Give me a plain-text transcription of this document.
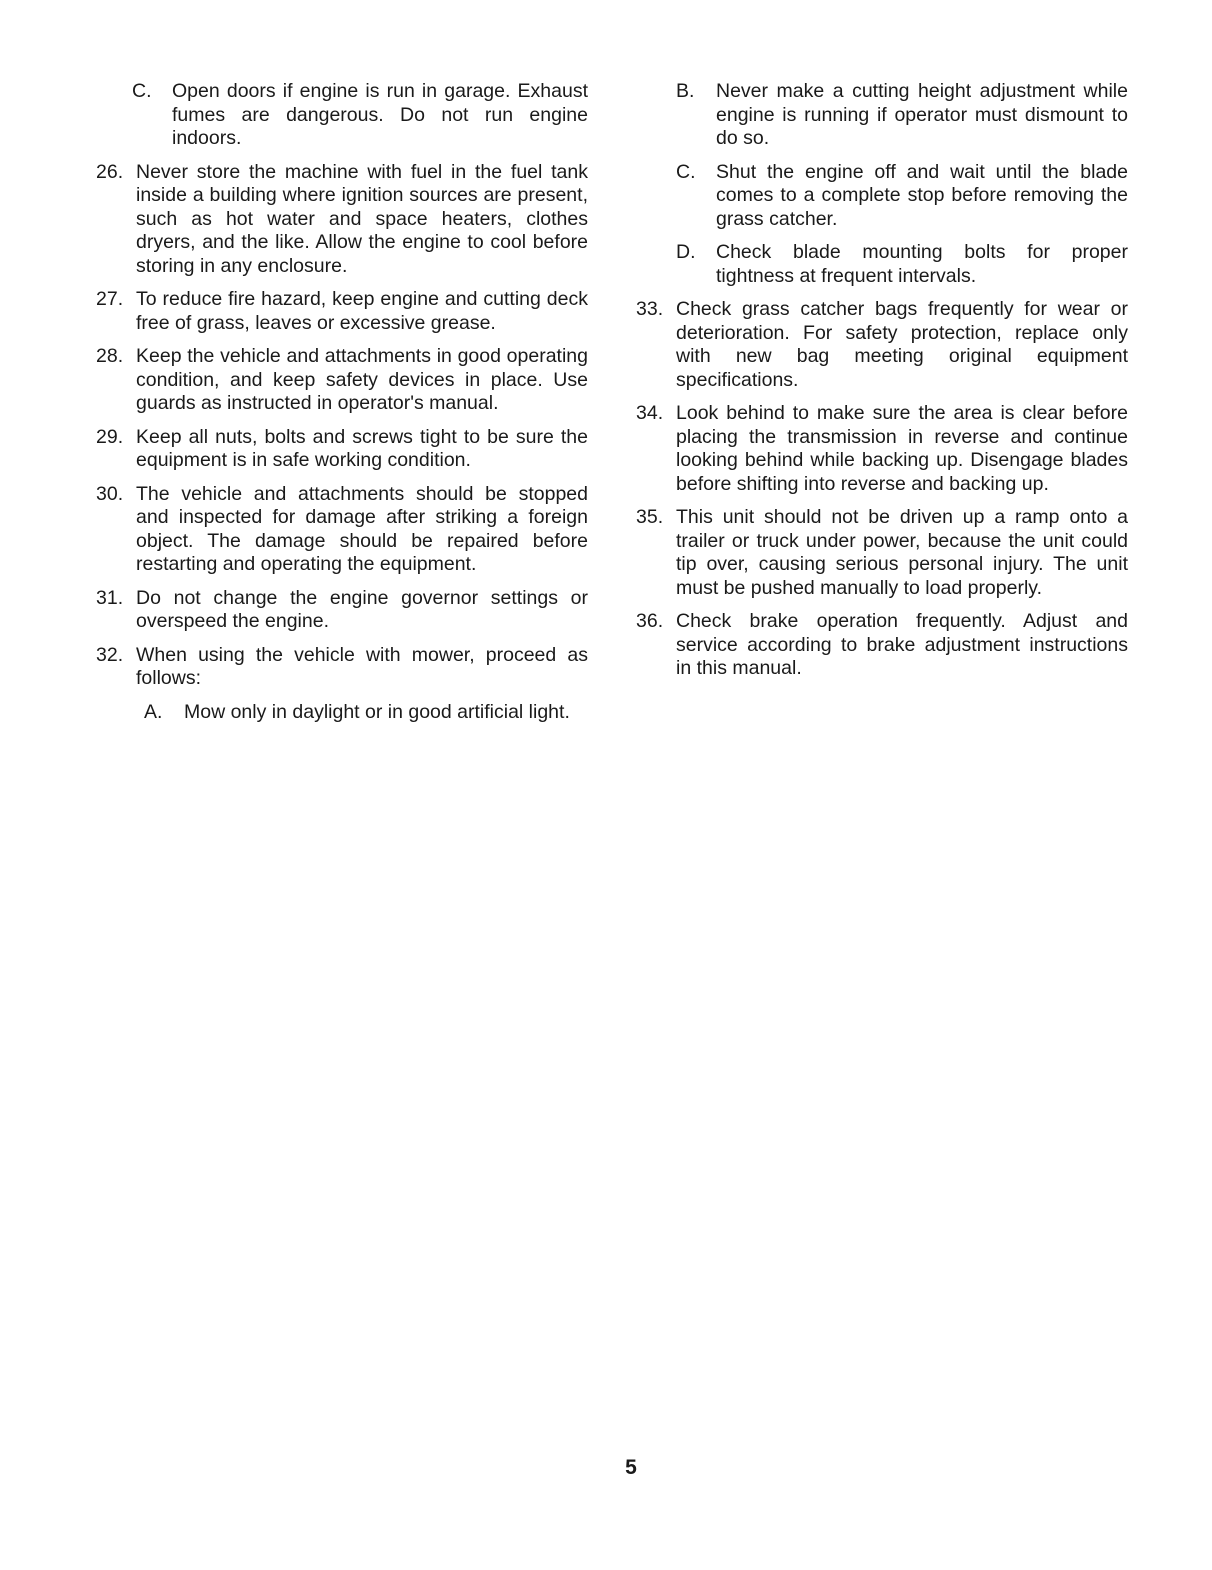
C.	Open doors if engine is run in garage. Exhaust fumes are dangerous. Do not run engine indoors.
26. Never store the machine with fuel in the fuel tank inside a building where ignition sources are present, such as hot water and space heaters, clothes dryers, and the like. Allow the engine to cool before storing in any enclosure.
27. To reduce fire hazard, keep engine and cutting deck free of grass, leaves or excessive grease.
28. Keep the vehicle and attachments in good operating condition, and keep safety devices in place. Use guards as instructed in operator's manual.
29. Keep all nuts, bolts and screws tight to be sure the equipment is in safe working condition.
30. The vehicle and attachments should be stopped and inspected for damage after striking a foreign object. The damage should be repaired before restarting and operating the equipment.
31. Do not change the engine governor settings or overspeed the engine.
32. When using the vehicle with mower, proceed as follows:
A.	Mow only in daylight or in good artificial light.
B.	Never make a cutting height adjustment while engine is running if operator must dismount to do so.
C.	Shut the engine off and wait until the blade comes to a complete stop before removing the grass catcher.
D.	Check blade mounting bolts for proper tightness at frequent intervals.
33. Check grass catcher bags frequently for wear or deterioration. For safety protection, replace only with new bag meeting original equipment specifications.
34. Look behind to make sure the area is clear before placing the transmission in reverse and continue looking behind while backing up. Disengage blades before shifting into reverse and backing up.
35. This unit should not be driven up a ramp onto a trailer or truck under power, because the unit could tip over, causing serious personal injury. The unit must be pushed manually to load properly.
36. Check brake operation frequently. Adjust and service according to brake adjustment instructions in this manual.
5
